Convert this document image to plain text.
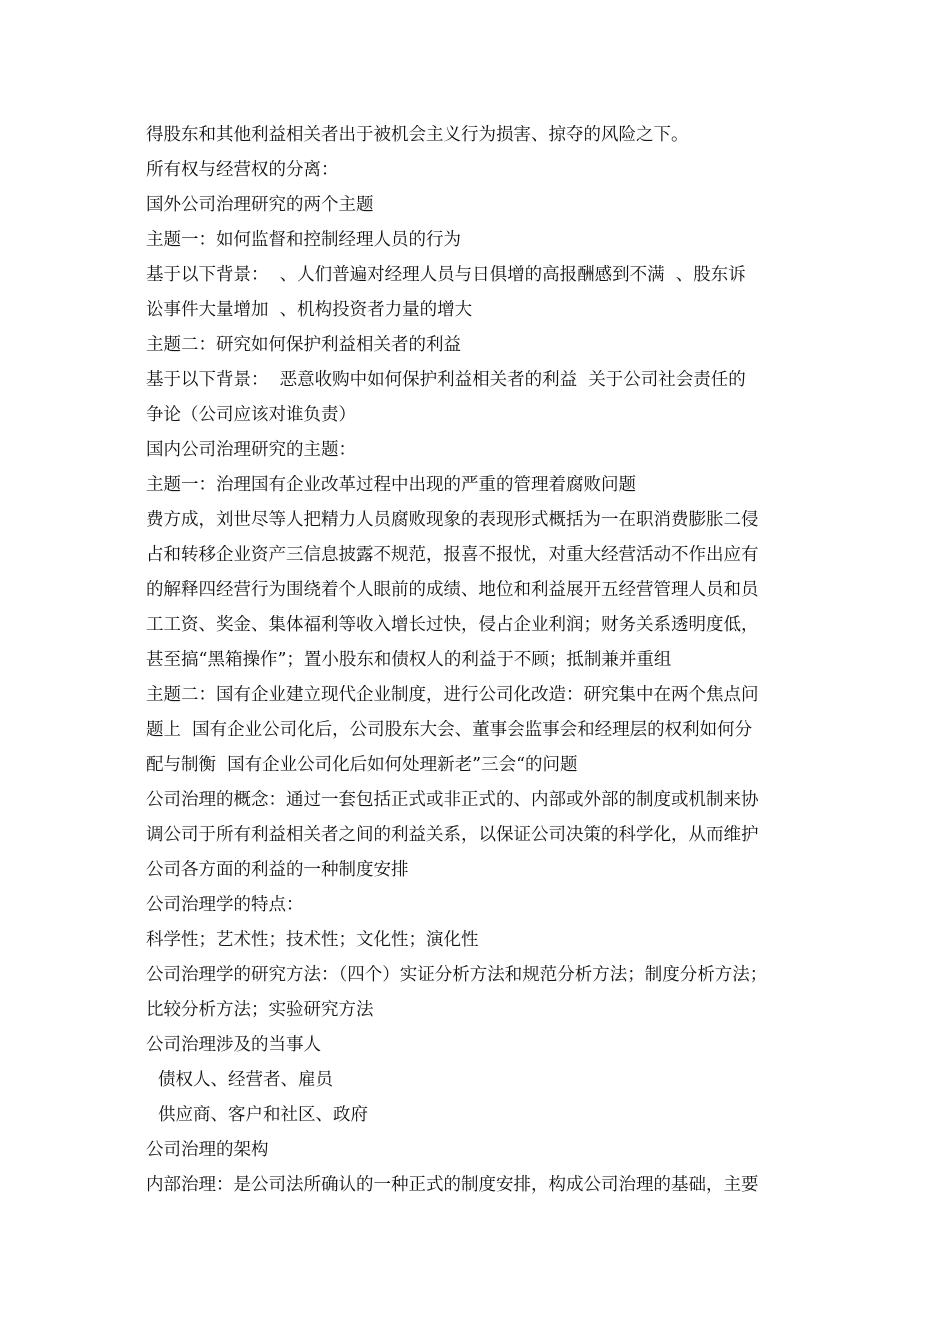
得股东和其他利益相关者出于被机会主义行为损害、掠夺的风险之下。
所有权与经营权的分离：
国外公司治理研究的两个主题
主题一：如何监督和控制经理人员的行为
基于以下背景：  、人们普遍对经理人员与日俱增的高报酬感到不满  、股东诉
讼事件大量增加  、机构投资者力量的增大
主题二：研究如何保护利益相关者的利益
基于以下背景：  恶意收购中如何保护利益相关者的利益  关于公司社会责任的
争论（公司应该对谁负责）
国内公司治理研究的主题：
主题一：治理国有企业改革过程中出现的严重的管理着腐败问题
费方成，刘世尽等人把精力人员腐败现象的表现形式概括为一在职消费膨胀二侵
占和转移企业资产三信息披露不规范，报喜不报忧，对重大经营活动不作出应有
的解释四经营行为围绕着个人眼前的成绩、地位和利益展开五经营管理人员和员
工工资、奖金、集体福利等收入增长过快，侵占企业利润；财务关系透明度低，
甚至搞“黑箱操作”；置小股东和债权人的利益于不顾；抵制兼并重组
主题二：国有企业建立现代企业制度，进行公司化改造：研究集中在两个焦点问
题上  国有企业公司化后，公司股东大会、董事会监事会和经理层的权利如何分
配与制衡  国有企业公司化后如何处理新老”三会“的问题
公司治理的概念：通过一套包括正式或非正式的、内部或外部的制度或机制来协
调公司于所有利益相关者之间的利益关系，以保证公司决策的科学化，从而维护
公司各方面的利益的一种制度安排
公司治理学的特点：
科学性；艺术性；技术性；文化性；演化性
公司治理学的研究方法：（四个）实证分析方法和规范分析方法；制度分析方法；
比较分析方法；实验研究方法
公司治理涉及的当事人
债权人、经营者、雇员
供应商、客户和社区、政府
公司治理的架构
内部治理：是公司法所确认的一种正式的制度安排，构成公司治理的基础，主要
